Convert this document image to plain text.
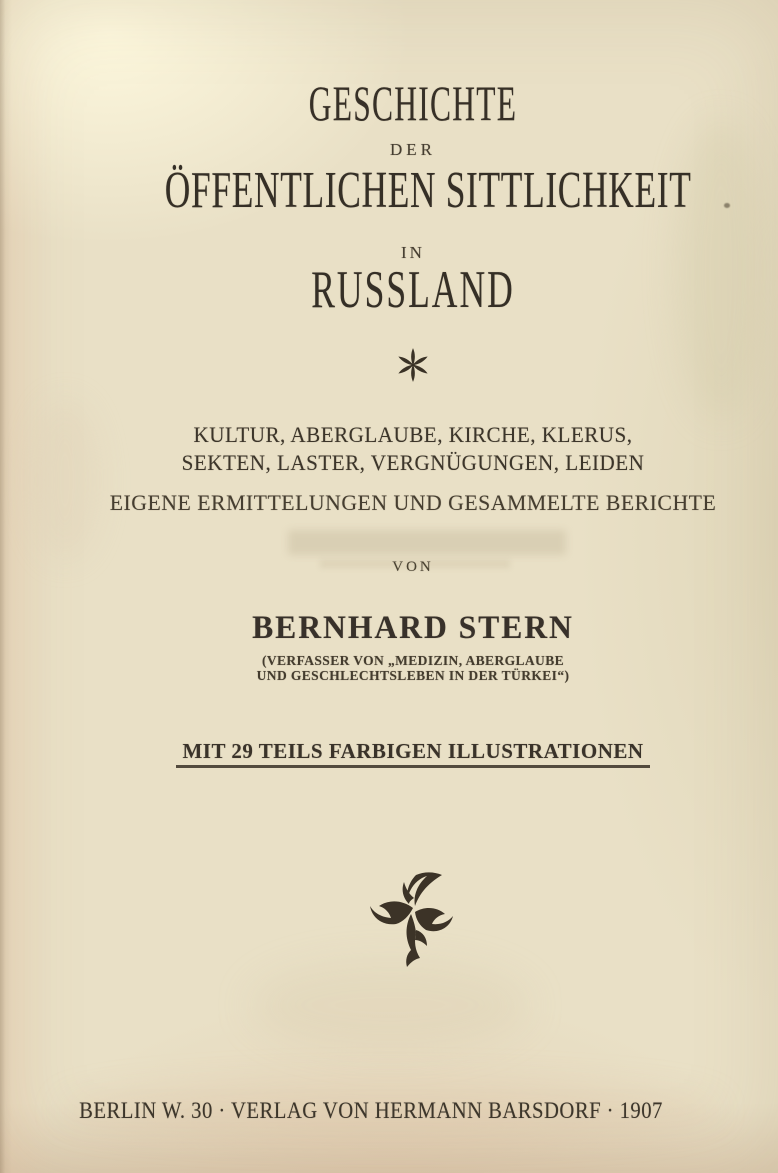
GESCHICHTE
DER
ÖFFENTLICHEN SITTLICHKEIT
IN
RUSSLAND
KULTUR, ABERGLAUBE, KIRCHE, KLERUS,
SEKTEN, LASTER, VERGNÜGUNGEN, LEIDEN
EIGENE ERMITTELUNGEN UND GESAMMELTE BERICHTE
VON
BERNHARD STERN
(VERFASSER VON „MEDIZIN, ABERGLAUBE
UND GESCHLECHTSLEBEN IN DER TÜRKEI“)
MIT 29 TEILS FARBIGEN ILLUSTRATIONEN
BERLIN W. 30 · VERLAG VON HERMANN BARSDORF · 1907
